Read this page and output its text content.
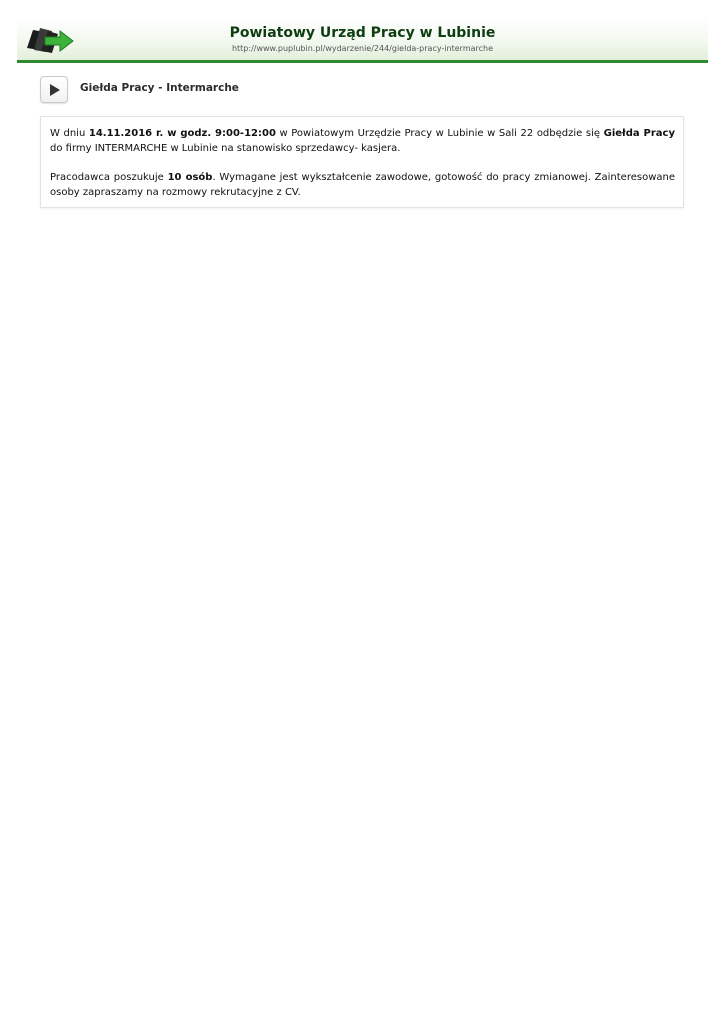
Powiatowy Urząd Pracy w Lubinie
http://www.puplubin.pl/wydarzenie/244/gielda-pracy-intermarche
Giełda Pracy - Intermarche

W dniu 14.11.2016 r. w godz. 9:00-12:00 w Powiatowym Urzędzie Pracy w Lubinie w Sali 22 odbędzie się Giełda Pracy do firmy INTERMARCHE w Lubinie na stanowisko sprzedawcy- kasjera.

Pracodawca poszukuje 10 osób. Wymagane jest wykształcenie zawodowe, gotowość do pracy zmianowej. Zainteresowane osoby zapraszamy na rozmowy rekrutacyjne z CV.
